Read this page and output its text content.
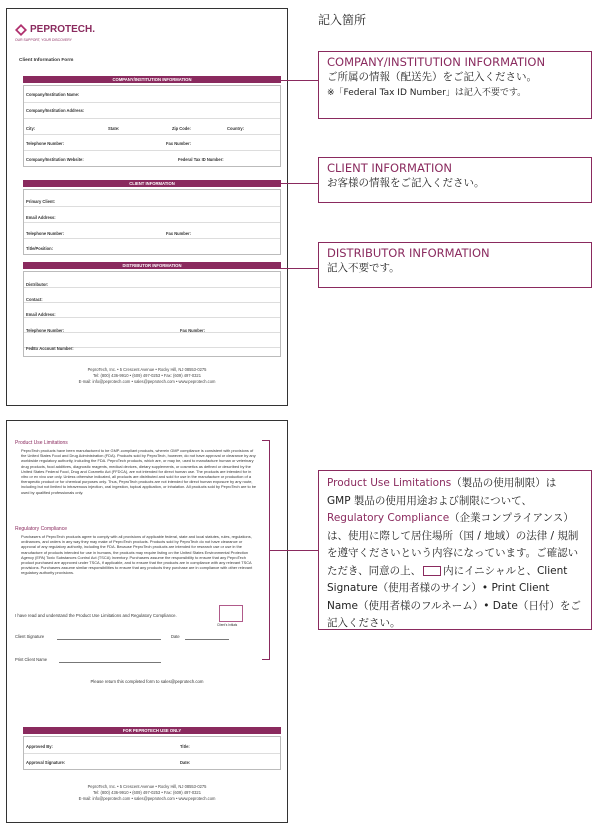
記入箇所
PEPROTECH.
OUR SUPPORT, YOUR DISCOVERY
Client Information Form
COMPANY/INSTITUTION INFORMATION
Company/Institution Name:
Company/Institution Address:
City:	State:	Zip Code:	Country:
Telephone Number:	Fax Number:
Company/Institution Website:	Federal Tax ID Number:
CLIENT INFORMATION
Primary Client:
Email Address:
Telephone Number:	Fax Number:
Title/Position:
DISTRIBUTOR INFORMATION
Distributor:
Contact:
Email Address:
Telephone Number:	Fax Number:
FedEx Account Number:
PeproTech, Inc. • 5 Crescent Avenue • Rocky Hill, NJ 08553-0275
Tel: (800) 436-9910 • (609) 497-0253 • Fax: (609) 497-0321
E-mail: info@peprotech.com • sales@peprotech.com • www.peprotech.com
Product Use Limitations
PeproTech products have been manufactured to be GMP-compliant products, wherein GMP compliance is consistent with provisions of the United States Food and Drug Administration (FDA). Products sold by PeproTech, however, do not have approval or clearance by any worldwide regulatory authority, including the FDA. PeproTech products, which are, or may be, used to manufacture human or veterinary drug products, food additives, diagnostic reagents, medical devices, dietary supplements, or cosmetics as defined or described by the United States Federal Food, Drug and Cosmetic Act (FFDCA), are not intended for direct human use. The products are intended for in vitro or ex vivo use only. Unless otherwise indicated, all products are distributed and sold for use in the manufacture or production of a therapeutic product or for chemical purposes only. Thus, PeproTech products are not intended for direct human exposure by any route, including but not limited to intravenous injection, oral ingestion, topical application, or inhalation. All products sold by PeproTech are to be used by qualified professionals only.
Regulatory Compliance
Purchasers of PeproTech products agree to comply with all provisions of applicable federal, state and local statutes, rules, regulations, ordinances, and orders in any way they may make of PeproTech products. Products sold by PeproTech do not have clearance or approval of any regulatory authority, including the FDA. Because PeproTech products are intended for research use or use in the manufacture of products intended for use in humans, the products may require listing on the United States Environmental Protection Agency (EPA) Toxic Substances Control Act (TSCA) Inventory. Purchasers assume the responsibility to ensure that any PeproTech product purchased are approved under TSCA, if applicable, and to ensure that the products are in compliance with any relevant TSCA provisions. Purchasers assume similar responsibilities to ensure that any products they purchase are in compliance with other relevant regulatory authority provisions.
I have read and understand the Product Use Limitations and Regulatory Compliance.
Client's Initials
Client Signature	Date
Print Client Name
Please return this completed form to sales@peprotech.com
FOR PEPROTECH USE ONLY
Approved By:	Title:
Approval Signature:	Date:
PeproTech, Inc. • 5 Crescent Avenue • Rocky Hill, NJ 08553-0275
Tel: (800) 436-9910 • (609) 497-0253 • Fax: (609) 497-0321
E-mail: info@peprotech.com • sales@peprotech.com • www.peprotech.com
COMPANY/INSTITUTION INFORMATION
ご所属の情報（配送先）をご記入ください。
※「Federal Tax ID Number」は記入不要です。
CLIENT INFORMATION
お客様の情報をご記入ください。
DISTRIBUTOR INFORMATION
記入不要です。
Product Use Limitations（製品の使用制限）は GMP 製品の使用用途および制限について、Regulatory Compliance（企業コンプライアンス）は、使用に際して居住場所（国 / 地域）の法律 / 規制を遵守くださいという内容になっています。ご確認いただき、同意の上、 内にイニシャルと、Client Signature（使用者様のサイン）• Print Client Name（使用者様のフルネーム）• Date（日付）をご記入ください。
